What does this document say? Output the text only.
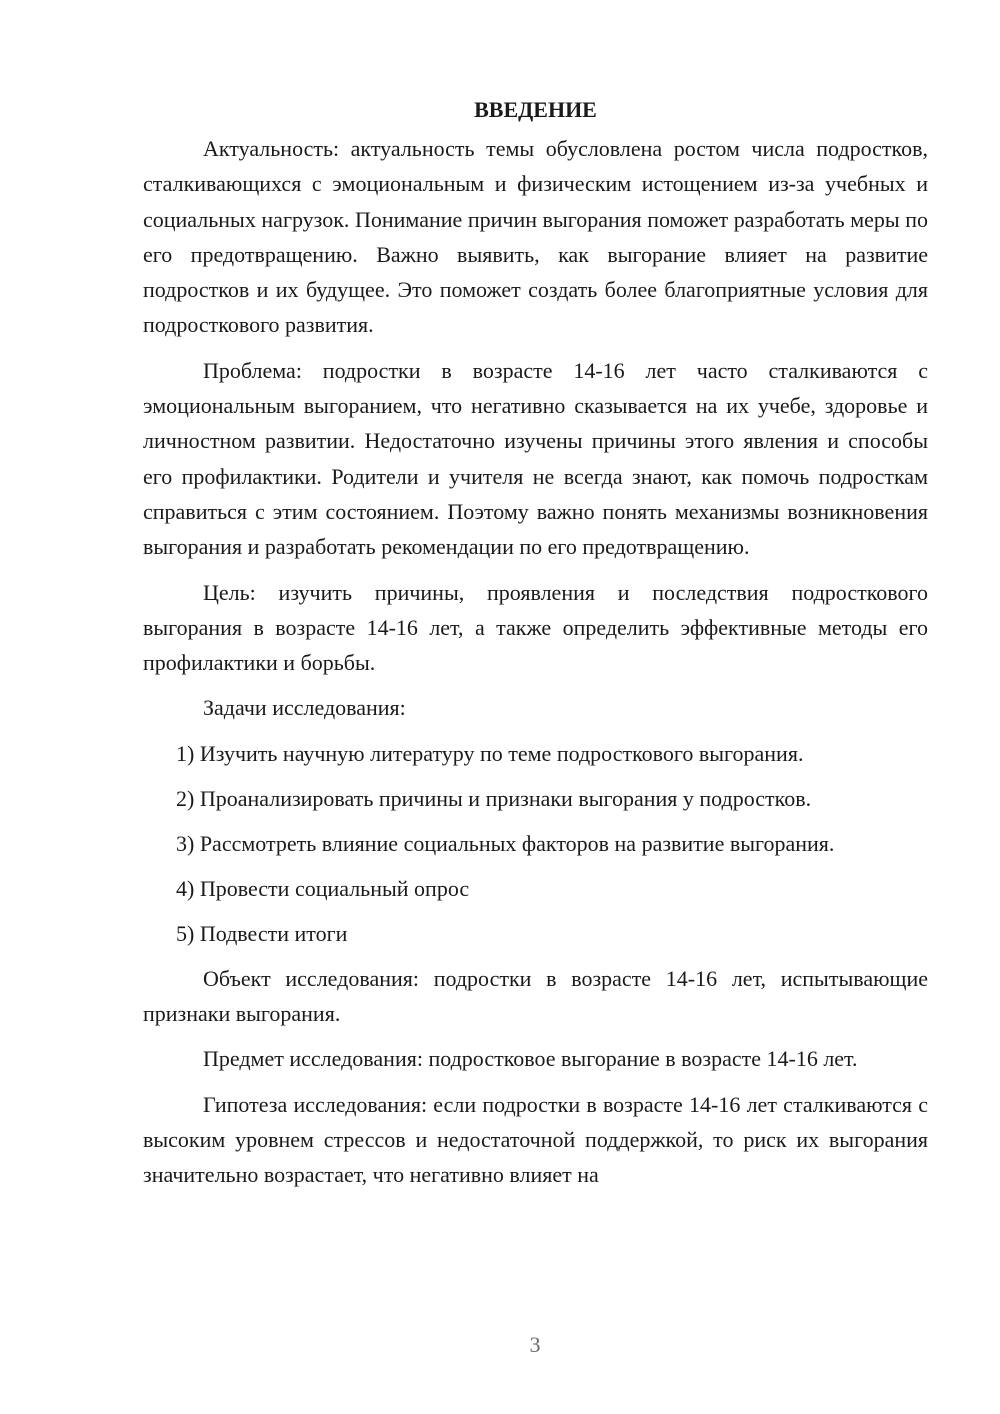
ВВЕДЕНИЕ

Актуальность: актуальность темы обусловлена ростом числа подростков, сталкивающихся с эмоциональным и физическим истощением из-за учебных и социальных нагрузок. Понимание причин выгорания поможет разработать меры по его предотвращению. Важно выявить, как выгорание влияет на развитие подростков и их будущее. Это поможет создать более благоприятные условия для подросткового развития.

Проблема: подростки в возрасте 14-16 лет часто сталкиваются с эмоциональным выгоранием, что негативно сказывается на их учебе, здоровье и личностном развитии. Недостаточно изучены причины этого явления и способы его профилактики. Родители и учителя не всегда знают, как помочь подросткам справиться с этим состоянием. Поэтому важно понять механизмы возникновения выгорания и разработать рекомендации по его предотвращению.

Цель: изучить причины, проявления и последствия подросткового выгорания в возрасте 14-16 лет, а также определить эффективные методы его профилактики и борьбы.

Задачи исследования:

1) Изучить научную литературу по теме подросткового выгорания.
2) Проанализировать причины и признаки выгорания у подростков.
3) Рассмотреть влияние социальных факторов на развитие выгорания.
4) Провести социальный опрос
5) Подвести итоги

Объект исследования: подростки в возрасте 14-16 лет, испытывающие признаки выгорания.

Предмет исследования: подростковое выгорание в возрасте 14-16 лет.

Гипотеза исследования: если подростки в возрасте 14-16 лет сталкиваются с высоким уровнем стрессов и недостаточной поддержкой, то риск их выгорания значительно возрастает, что негативно влияет на

3
